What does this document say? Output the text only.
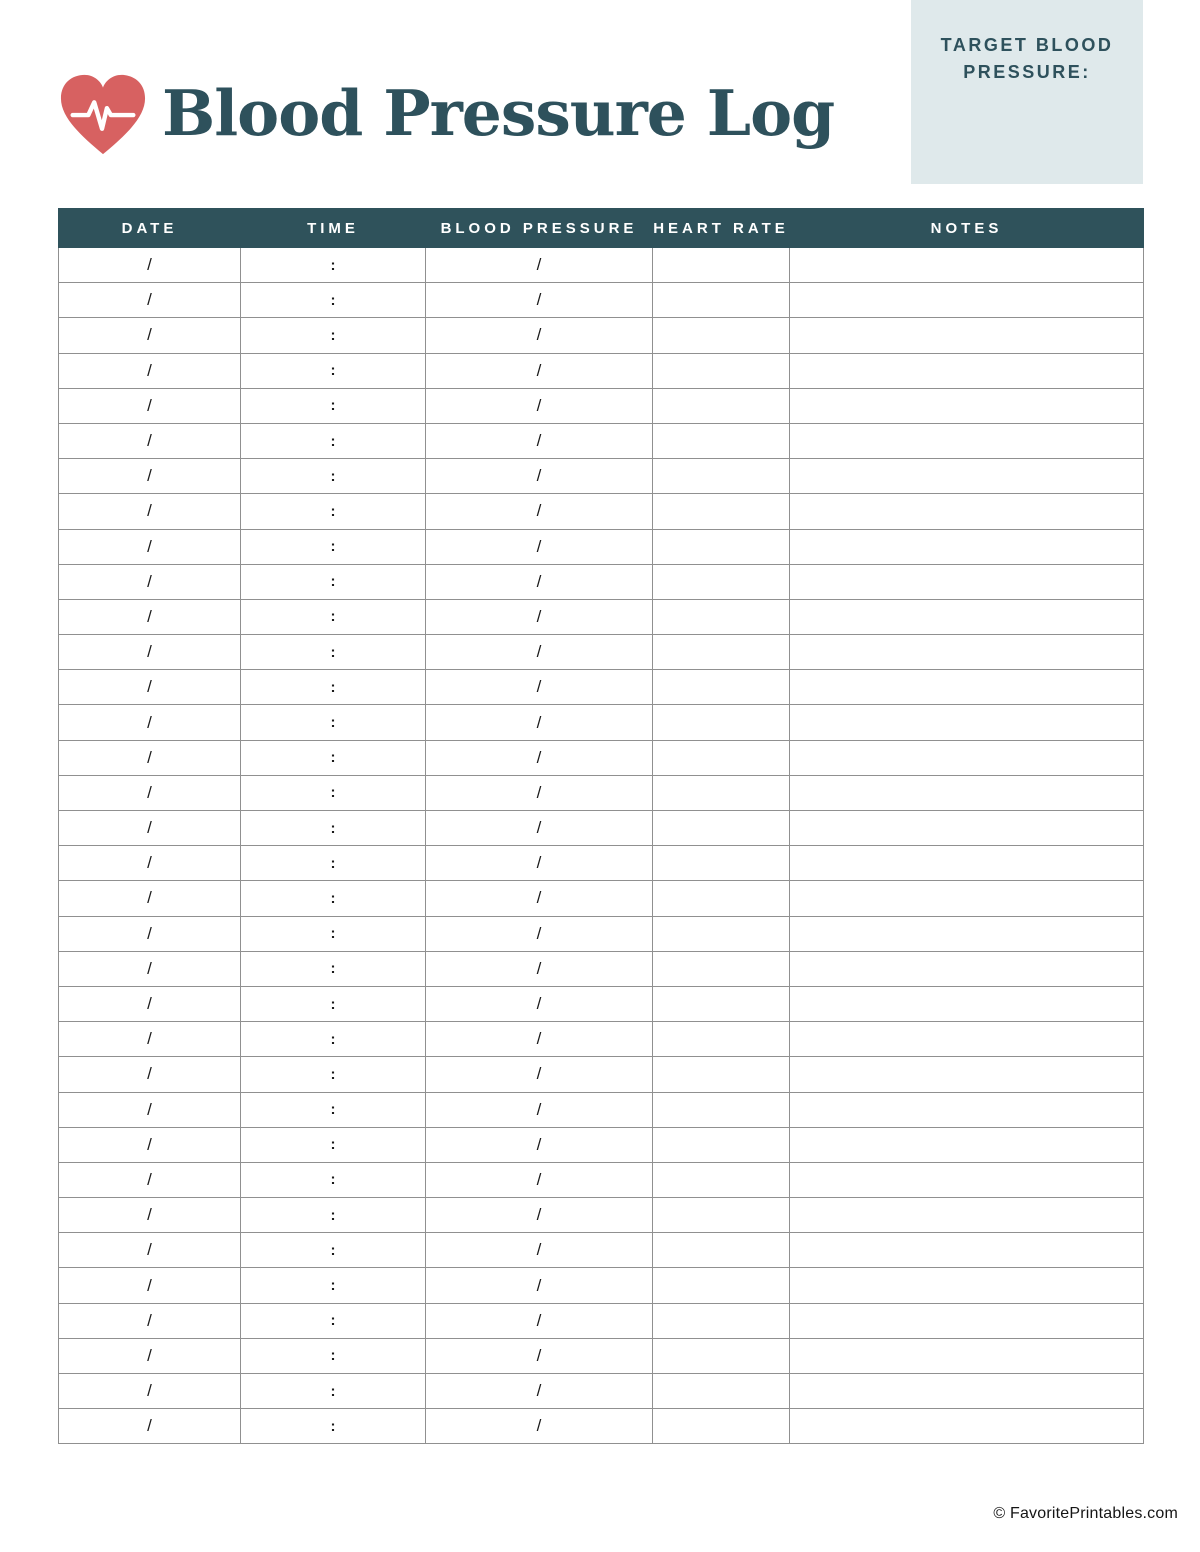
Blood Pressure Log
TARGET BLOOD PRESSURE:
DATE	TIME	BLOOD PRESSURE	HEART RATE	NOTES
/	:	/		
/	:	/		
/	:	/		
/	:	/		
/	:	/		
/	:	/		
/	:	/		
/	:	/		
/	:	/		
/	:	/		
/	:	/		
/	:	/		
/	:	/		
/	:	/		
/	:	/		
/	:	/		
/	:	/		
/	:	/		
/	:	/		
/	:	/		
/	:	/		
/	:	/		
/	:	/		
/	:	/		
/	:	/		
/	:	/		
/	:	/		
/	:	/		
/	:	/		
/	:	/		
/	:	/		
/	:	/		
/	:	/		
/	:	/		
© FavoritePrintables.com
